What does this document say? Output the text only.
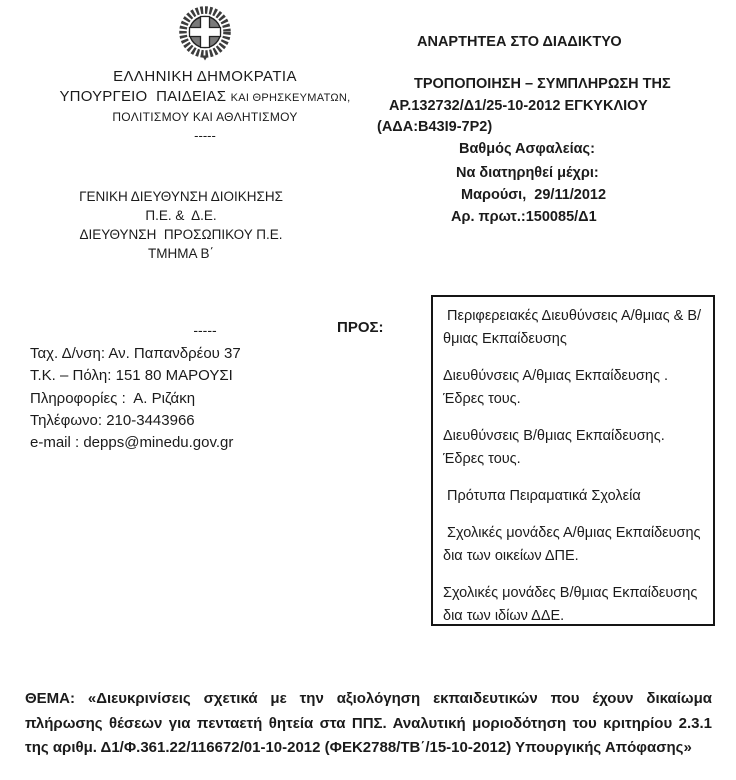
ΕΛΛΗΝΙΚΗ ΔΗΜΟΚΡΑΤΙΑ
ΥΠΟΥΡΓΕΙΟ  ΠΑΙΔΕΙΑΣ ΚΑΙ ΘΡΗΣΚΕΥΜΑΤΩΝ,
ΠΟΛΙΤΙΣΜΟΥ ΚΑΙ ΑΘΛΗΤΙΣΜΟΥ
-----
ΑΝΑΡΤΗΤΕΑ ΣΤΟ ΔΙΑΔΙΚΤΥΟ
ΤΡΟΠΟΠΟΙΗΣΗ – ΣΥΜΠΛΗΡΩΣΗ ΤΗΣ
ΑΡ.132732/Δ1/25-10-2012 ΕΓΚΥΚΛΙΟΥ
(ΑΔΑ:Β43Ι9-7Ρ2)
Βαθμός Ασφαλείας:
Να διατηρηθεί μέχρι:
Μαρούσι,  29/11/2012
Αρ. πρωτ.:150085/Δ1
ΓΕΝΙΚΗ ΔΙΕΥΘΥΝΣΗ ΔΙΟΙΚΗΣΗΣ
Π.Ε. &  Δ.Ε.
ΔΙΕΥΘΥΝΣΗ  ΠΡΟΣΩΠΙΚΟΥ Π.Ε.
ΤΜΗΜΑ Β΄
-----
Ταχ. Δ/νση: Αν. Παπανδρέου 37
Τ.Κ. – Πόλη: 151 80 ΜΑΡΟΥΣΙ
Πληροφορίες :  Α. Ριζάκη
Τηλέφωνο: 210-3443966
e-mail : depps@minedu.gov.gr
ΠΡΟΣ:

Περιφερειακές Διευθύνσεις Α/θμιας & Β/θμιας Εκπαίδευσης

Διευθύνσεις Α/θμιας Εκπαίδευσης . Έδρες τους.

Διευθύνσεις Β/θμιας Εκπαίδευσης.  Έδρες τους.

Πρότυπα Πειραματικά Σχολεία

Σχολικές μονάδες Α/θμιας Εκπαίδευσης δια των οικείων ΔΠΕ.

Σχολικές μονάδες Β/θμιας Εκπαίδευσης δια των ιδίων ΔΔΕ.

ΘΕΜΑ: «Διευκρινίσεις σχετικά με την αξιολόγηση εκπαιδευτικών που έχουν δικαίωμα πλήρωσης θέσεων για πενταετή θητεία στα ΠΠΣ. Αναλυτική μοριοδότηση του κριτηρίου 2.3.1 της αριθμ. Δ1/Φ.361.22/116672/01-10-2012 (ΦΕΚ2788/ΤΒ΄/15-10-2012) Υπουργικής Απόφασης»
